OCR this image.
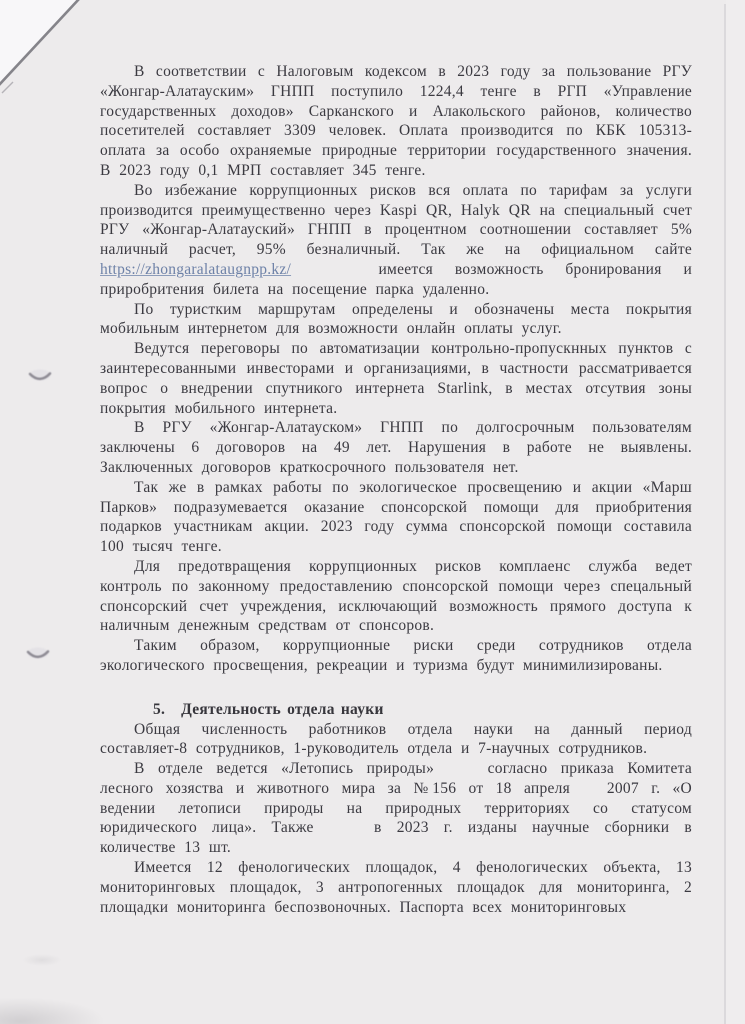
В соответствии с Налоговым кодексом в 2023 году за пользование РГУ «Жонгар-Алатауским» ГНПП поступило 1224,4 тенге в РГП «Управление государственных доходов» Сарканского и Алакольского районов, количество посетителей составляет 3309 человек. Оплата производится по КБК 105313-оплата за особо охраняемые природные территории государственного значения. В 2023 году 0,1 МРП составляет 345 тенге.

Во избежание коррупционных рисков вся оплата по тарифам за услуги производится преимущественно через Kaspi QR, Halyk QR на специальный счет РГУ «Жонгар-Алатауский» ГНПП в процентном соотношении составляет 5% наличный расчет, 95% безналичный. Так же на официальном сайте https://zhongaralataugnpp.kz/    имеется возможность бронирования и приробритения билета на посещение парка удаленно.

По туристким маршрутам определены и обозначены места покрытия мобильным интернетом для возможности онлайн оплаты услуг.

Ведутся переговоры по автоматизации контрольно-пропускнных пунктов с заинтересованными инвесторами и организациями, в частности рассматривается вопрос о внедрении спутникого интернета Starlink, в местах отсутвия зоны покрытия мобильного интернета.

В РГУ «Жонгар-Алатауском» ГНПП по долгосрочным пользователям заключены 6 договоров на 49 лет. Нарушения в работе не выявлены. Заключенных договоров краткосрочного пользователя нет.

Так же в рамках работы по экологическое просвещению и акции «Марш Парков» подразумевается оказание спонсорской помощи для приобритения подарков участникам акции. 2023 году сумма спонсорской помощи составила 100 тысяч тенге.

Для предотвращения коррупционных рисков комплаенс служба ведет контроль по законному предоставлению спонсорской помощи через спецальный спонсорский счет учреждения, исключающий возможность прямого доступа к наличным денежным средствам от спонсоров.

Таким образом, коррупционные риски среди сотрудников отдела экологического просвещения, рекреации и туризма будут минимилизированы.

5. Деятельность отдела науки

Общая численность работников отдела науки на данный период составляет-8 сотрудников, 1-руководитель отдела и 7-научных сотрудников.

В отделе ведется «Летопись природы»    согласно приказа Комитета лесного хозяства и животного мира за №156 от 18 апреля   2007 г. «О ведении летописи природы на природных территориях со статусом юридического лица». Также    в 2023 г. изданы научные сборники в количестве 13 шт.

Имеется 12 фенологических площадок, 4 фенологических объекта, 13 мониторинговых площадок, 3 антропогенных площадок для мониторинга, 2 площадки мониторинга беспозвоночных. Паспорта всех мониторинговых
